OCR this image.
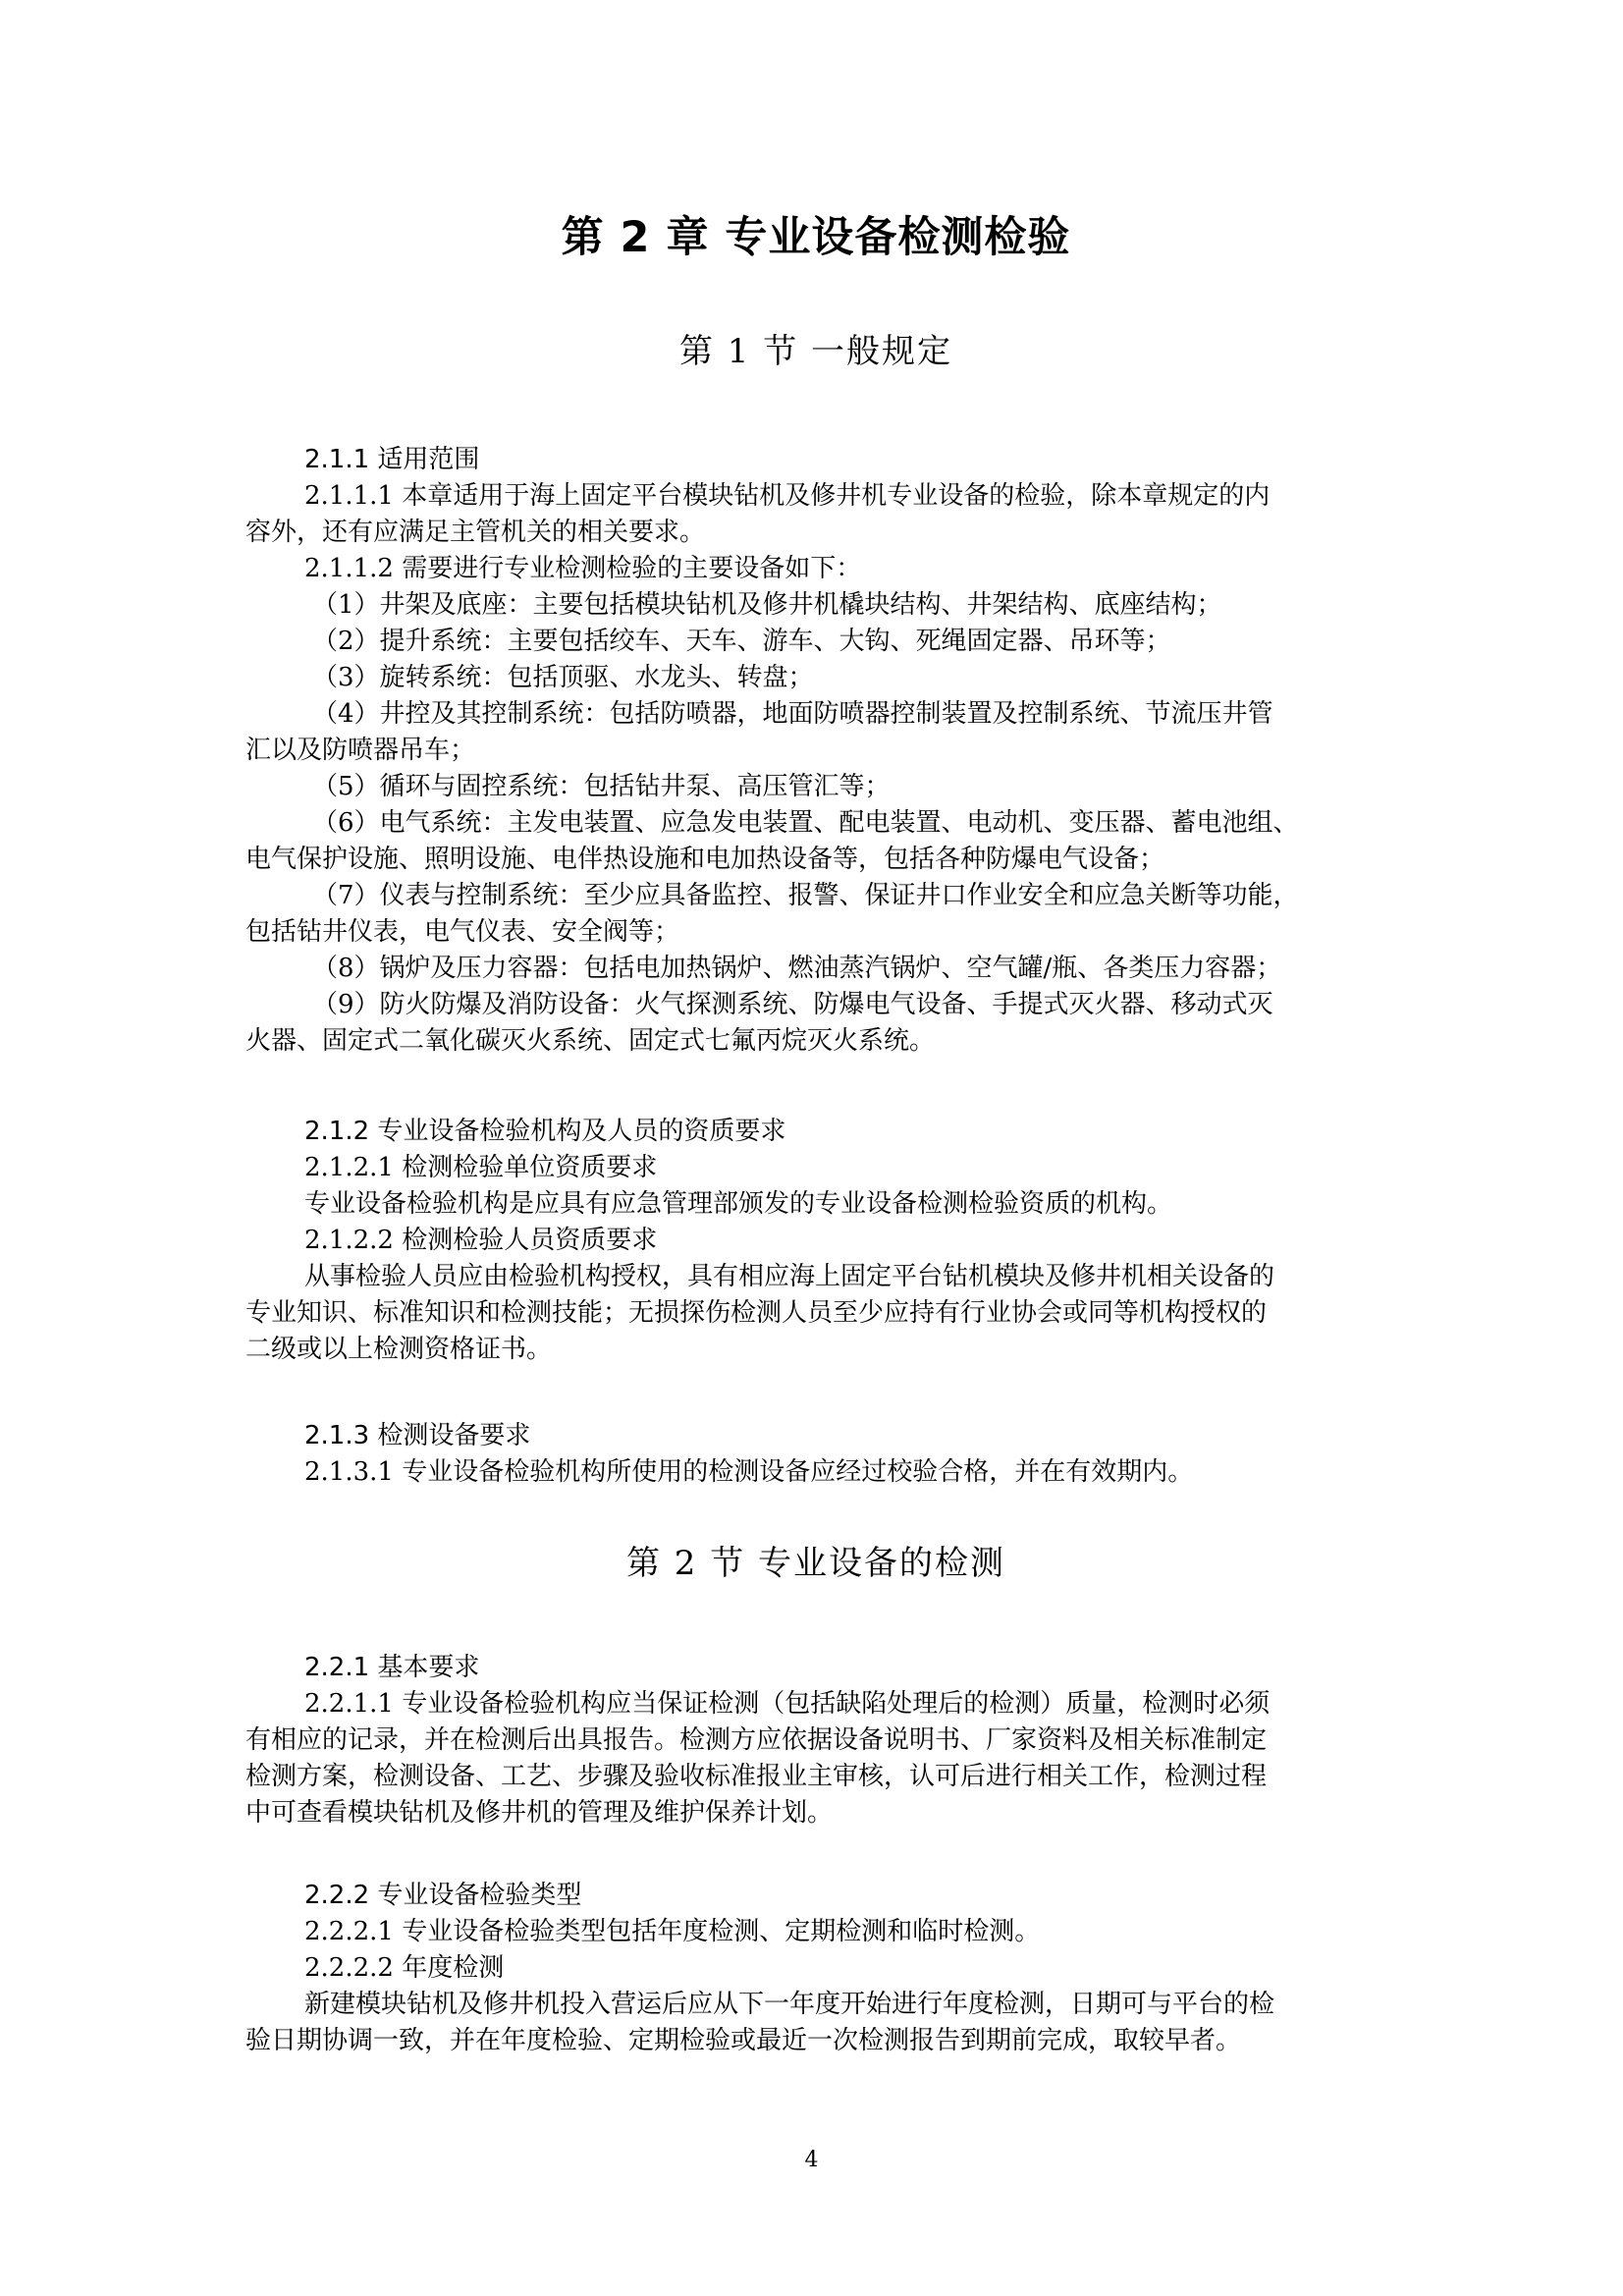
第 2 章 专业设备检测检验
第 1 节 一般规定
2.1.1 适用范围
2.1.1.1 本章适用于海上固定平台模块钻机及修井机专业设备的检验，除本章规定的内
容外，还有应满足主管机关的相关要求。
2.1.1.2 需要进行专业检测检验的主要设备如下：
（1）井架及底座：主要包括模块钻机及修井机橇块结构、井架结构、底座结构；
（2）提升系统：主要包括绞车、天车、游车、大钩、死绳固定器、吊环等；
（3）旋转系统：包括顶驱、水龙头、转盘；
（4）井控及其控制系统：包括防喷器，地面防喷器控制装置及控制系统、节流压井管
汇以及防喷器吊车；
（5）循环与固控系统：包括钻井泵、高压管汇等；
（6）电气系统：主发电装置、应急发电装置、配电装置、电动机、变压器、蓄电池组、
电气保护设施、照明设施、电伴热设施和电加热设备等，包括各种防爆电气设备；
（7）仪表与控制系统：至少应具备监控、报警、保证井口作业安全和应急关断等功能，
包括钻井仪表，电气仪表、安全阀等；
（8）锅炉及压力容器：包括电加热锅炉、燃油蒸汽锅炉、空气罐/瓶、各类压力容器；
（9）防火防爆及消防设备：火气探测系统、防爆电气设备、手提式灭火器、移动式灭
火器、固定式二氧化碳灭火系统、固定式七氟丙烷灭火系统。
2.1.2 专业设备检验机构及人员的资质要求
2.1.2.1 检测检验单位资质要求
专业设备检验机构是应具有应急管理部颁发的专业设备检测检验资质的机构。
2.1.2.2 检测检验人员资质要求
从事检验人员应由检验机构授权，具有相应海上固定平台钻机模块及修井机相关设备的
专业知识、标准知识和检测技能；无损探伤检测人员至少应持有行业协会或同等机构授权的
二级或以上检测资格证书。
2.1.3 检测设备要求
2.1.3.1 专业设备检验机构所使用的检测设备应经过校验合格，并在有效期内。
第 2 节 专业设备的检测
2.2.1 基本要求
2.2.1.1 专业设备检验机构应当保证检测（包括缺陷处理后的检测）质量，检测时必须
有相应的记录，并在检测后出具报告。检测方应依据设备说明书、厂家资料及相关标准制定
检测方案，检测设备、工艺、步骤及验收标准报业主审核，认可后进行相关工作，检测过程
中可查看模块钻机及修井机的管理及维护保养计划。
2.2.2 专业设备检验类型
2.2.2.1 专业设备检验类型包括年度检测、定期检测和临时检测。
2.2.2.2 年度检测
新建模块钻机及修井机投入营运后应从下一年度开始进行年度检测，日期可与平台的检
验日期协调一致，并在年度检验、定期检验或最近一次检测报告到期前完成，取较早者。
4
